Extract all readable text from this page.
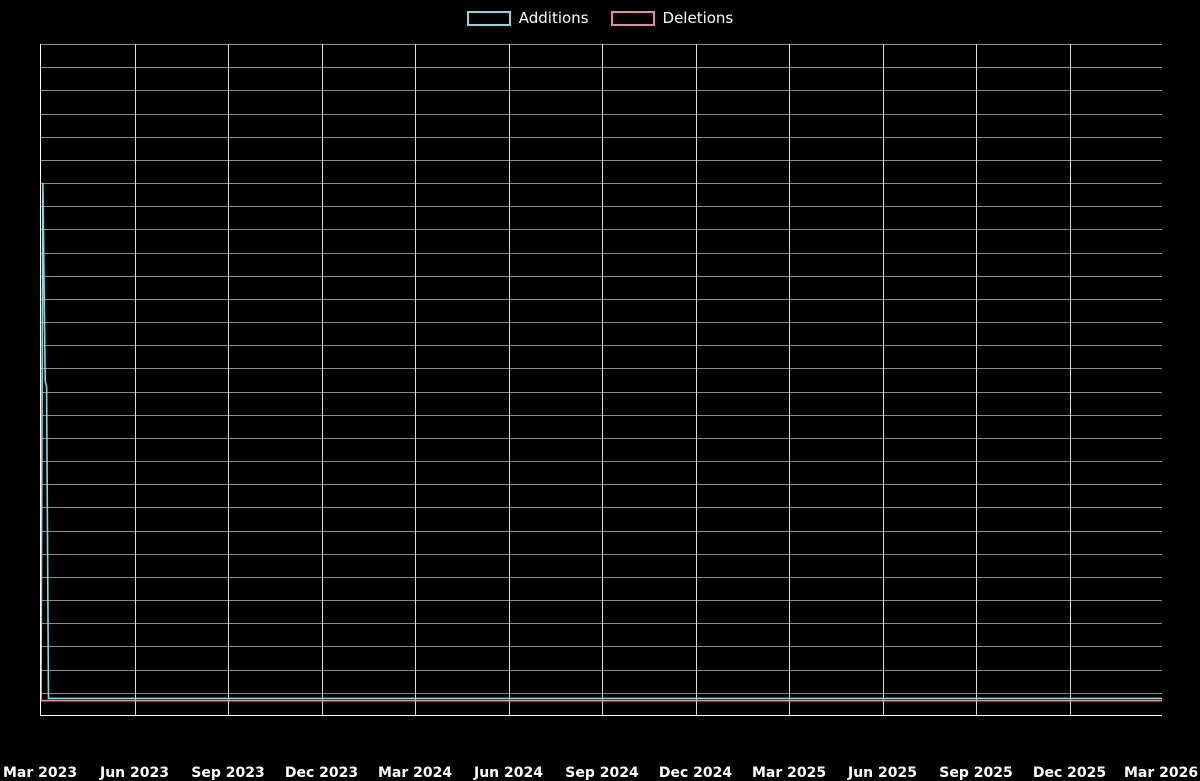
Additions	Deletions
Mar 2023 Jun 2023 Sep 2023 Dec 2023 Mar 2024 Jun 2024 Sep 2024 Dec 2024 Mar 2025 Jun 2025 Sep 2025 Dec 2025 Mar 2026
